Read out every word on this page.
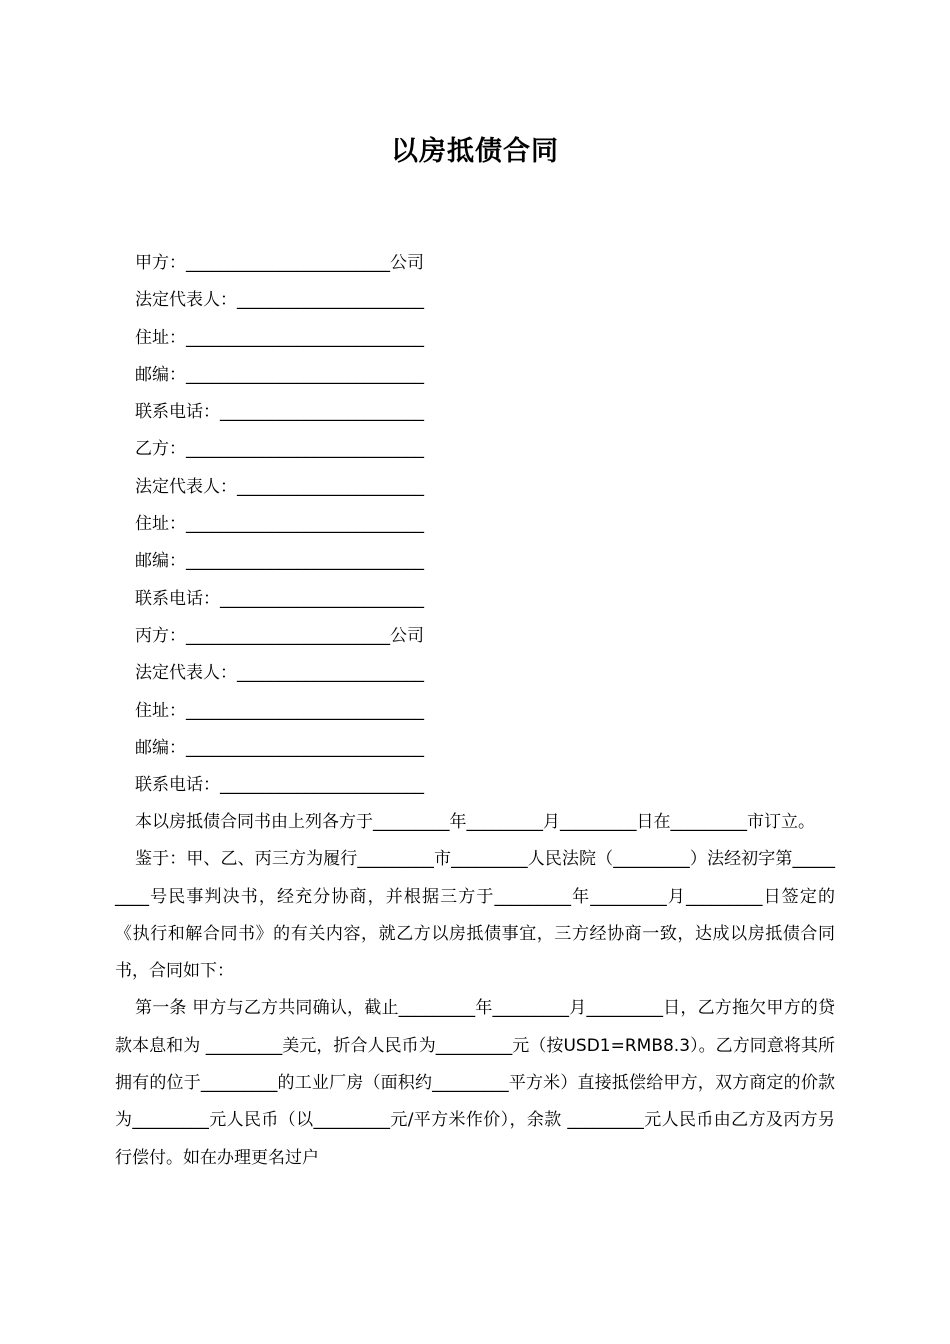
以房抵债合同
甲方：________________________公司
法定代表人：______________________
住址：____________________________
邮编：____________________________
联系电话：________________________
乙方：____________________________
法定代表人：______________________
住址：____________________________
邮编：____________________________
联系电话：________________________
丙方：________________________公司
法定代表人：______________________
住址：____________________________
邮编：____________________________
联系电话：________________________

本以房抵债合同书由上列各方于_________年_________月_________日在_________市订立。

鉴于：甲、乙、丙三方为履行_________市_________人民法院（_________）法经初字第_________号民事判决书，经充分协商，并根据三方于_________年_________月_________日签定的《执行和解合同书》的有关内容，就乙方以房抵债事宜，三方经协商一致，达成以房抵债合同书，合同如下：

第一条 甲方与乙方共同确认，截止_________年_________月_________日，乙方拖欠甲方的贷款本息和为 _________美元，折合人民币为_________元（按USD1=RMB8.3）。乙方同意将其所拥有的位于_________的工业厂房（面积约_________平方米）直接抵偿给甲方，双方商定的价款为_________元人民币（以_________元/平方米作价），余款 _________元人民币由乙方及丙方另行偿付。如在办理更名过户
